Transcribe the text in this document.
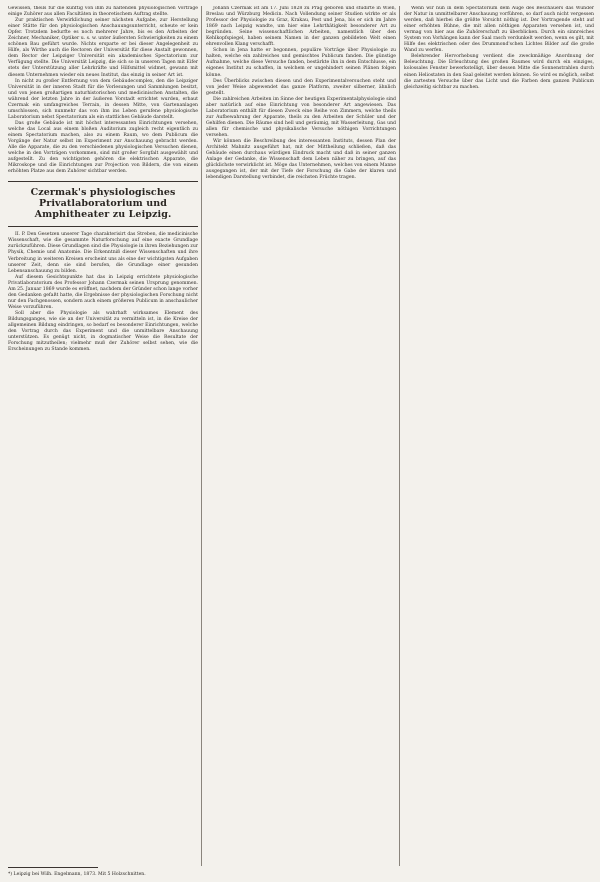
Gewissen, theils für die künftig von ihm zu haltenden physiologischen Vorträge einige Zuhörer aus allen Facultäten in theoretischem Auftrag stellte.

Zur praktischen Verwirklichung seiner nächsten Aufgabe, zur Herstellung einer Stätte für den physiologischen Anschauungsunterricht, scheute er kein Opfer. Trotzdem bedurfte es noch mehrerer Jahre, bis es den Arbeiten der Zeichner, Mechaniker, Optiker u. s. w. unter äußersten Schwierigkeiten zu einem schönen Bau geführt wurde. Nichts ersparte er bei dieser Angelegenheit zu Hilfe, als Wirthe auch die Rectoren der Universität für diese Anstalt gewonnen, dem Rector der Leipziger Universität ein akademisches Spectatorium zur Verfügung stellte. Die Universität Leipzig, die sich so in unseren Tagen mit Eifer stets der Unterstützung aller Lehrkräfte und Hilfsmittel widmet, gewann mit diesem Unternehmen wieder ein neues Institut, das einzig in seiner Art ist.

In nicht zu großer Entfernung von dem Gebäudecomplex, den die Leipziger Universität in der inneren Stadt für die Vorlesungen und Sammlungen besitzt, und von jenen großartigen naturhistorischen und medicinischen Anstalten, die während der letzten Jahre in der äußeren Vorstadt errichtet wurden, erbaut Czermak ein umfangreiches Terrain, in dessen Mitte, von Gartenanlagen umschlossen, sich nunmehr das von ihm ins Leben gerufene physiologische Laboratorium nebst Spectatorium als ein stattliches Gebäude darstellt.

Das große Gebäude ist mit höchst interessanten Einrichtungen versehen, welche das Local aus einem bloßen Auditorium zugleich recht eigentlich zu einem Spectatorium machen, also zu einem Raum, wo dem Publicum die Vorgänge der Natur selbst im Experiment zur Anschauung gebracht werden. Alle die Apparate, die zu den verschiedenen physiologischen Versuchen dienen, welche in den Vorträgen vorkommen, sind mit großer Sorgfalt ausgewählt und aufgestellt. Zu den wichtigsten gehören die elektrischen Apparate, die Mikroskope und die Einrichtungen zur Projection von Bildern, die von einem erhöhten Platze aus dem Zuhörer sichtbar werden.

Czermak's physiologisches Privatlaboratorium und Amphitheater zu Leipzig.

II. P. Den Gesetzen unserer Tage charakterisirt das Streben, die medicinische Wissenschaft, wie die gesammte Naturforschung auf eine exacte Grundlage zurückzuführen. Diese Grundlagen sind die Physiologie in ihren Beziehungen zur Physik, Chemie und Anatomie. Die Erkenntniß dieser Wissenschaften und ihre Verbreitung in weiteren Kreisen erscheint uns als eine der wichtigsten Aufgaben unserer Zeit, denn sie sind berufen, die Grundlage einer gesunden Lebensanschauung zu bilden.

Auf diesem Gesichtspunkte hat das in Leipzig errichtete physiologische Privatlaboratorium des Professor Johann Czermak seinen Ursprung genommen. Am 25. Januar 1869 wurde es eröffnet, nachdem der Gründer schon lange vorher den Gedanken gefaßt hatte, die Ergebnisse der physiologischen Forschung nicht nur den Fachgenossen, sondern auch einem größeren Publicum in anschaulicher Weise vorzuführen.

Soll aber die Physiologie als wahrhaft wirksames Element des Bildungsganges, wie sie an der Universität zu vermitteln ist, in die Kreise der allgemeinen Bildung eindringen, so bedarf es besonderer Einrichtungen, welche den Vortrag durch das Experiment und die unmittelbare Anschauung unterstützen. Es genügt nicht, in dogmatischer Weise die Resultate der Forschung mitzutheilen; vielmehr muß der Zuhörer selbst sehen, wie die Erscheinungen zu Stande kommen.

Johann Czermak ist am 17. Juni 1828 zu Prag geboren und studirte in Wien, Breslau und Würzburg Medicin. Nach Vollendung seiner Studien wirkte er als Professor der Physiologie zu Graz, Krakau, Pest und Jena, bis er sich im Jahre 1869 nach Leipzig wandte, um hier eine Lehrthätigkeit besonderer Art zu begründen. Seine wissenschaftlichen Arbeiten, namentlich über den Kehlkopfspiegel, haben seinem Namen in der ganzen gebildeten Welt einen ehrenvollen Klang verschafft.

Schon in Jena hatte er begonnen, populäre Vorträge über Physiologie zu halten, welche ein zahlreiches und gemischtes Publicum fanden. Die günstige Aufnahme, welche diese Versuche fanden, bestärkte ihn in dem Entschlusse, ein eigenes Institut zu schaffen, in welchem er ungehindert seinen Plänen folgen könne.

Des Überblicks zwischen diesen und den Experimentalversuchen steht und von jeder Weise abgewendet das ganze Platform, zweiter silberner, ähnlich gestellt.

Die zahlreichen Arbeiten im Sinne der heutigen Experimentalphysiologie sind aber natürlich auf eine Einrichtung von besonderer Art angewiesen. Das Laboratorium enthält für diesen Zweck eine Reihe von Zimmern, welche theils zur Aufbewahrung der Apparate, theils zu den Arbeiten der Schüler und der Gehilfen dienen. Die Räume sind hell und geräumig, mit Wasserleitung, Gas und allen für chemische und physikalische Versuche nöthigen Vorrichtungen versehen.

Wir können die Beschreibung des interessanten Instituts, dessen Plan der Architekt Mahnitz ausgeführt hat, mit der Mittheilung schließen, daß das Gebäude einen durchaus würdigen Eindruck macht und daß in seiner ganzen Anlage der Gedanke, die Wissenschaft dem Leben näher zu bringen, auf das glücklichste verwirklicht ist. Möge das Unternehmen, welches von einem Manne ausgegangen ist, der mit der Tiefe der Forschung die Gabe der klaren und lebendigen Darstellung verbindet, die reichsten Früchte tragen.

Wenn wir nun in dem Spectatorium dem Auge des Beschauers das Wunder der Natur in unmittelbarer Anschauung vorführen, so darf auch nicht vergessen werden, daß hierbei die größte Vorsicht nöthig ist. Der Vortragende steht auf einer erhöhten Bühne, die mit allen nöthigen Apparaten versehen ist, und vermag von hier aus die Zuhörerschaft zu überblicken. Durch ein sinnreiches System von Vorhängen kann der Saal rasch verdunkelt werden, wenn es gilt, mit Hilfe des elektrischen oder des Drummond'schen Lichtes Bilder auf die große Wand zu werfen.

Belehrender Hervorhebung verdient die zweckmäßige Anordnung der Beleuchtung. Die Erleuchtung des großen Raumes wird durch ein einziges, kolossales Fenster bewerkstelligt, über dessen Mitte die Sonnenstrahlen durch einen Heliostaten in den Saal geleitet werden können. So wird es möglich, selbst die zartesten Versuche über das Licht und die Farben dem ganzen Publicum gleichzeitig sichtbar zu machen.

*) Leipzig bei Wilh. Engelmann, 1873. Mit 5 Holzschnitten.
